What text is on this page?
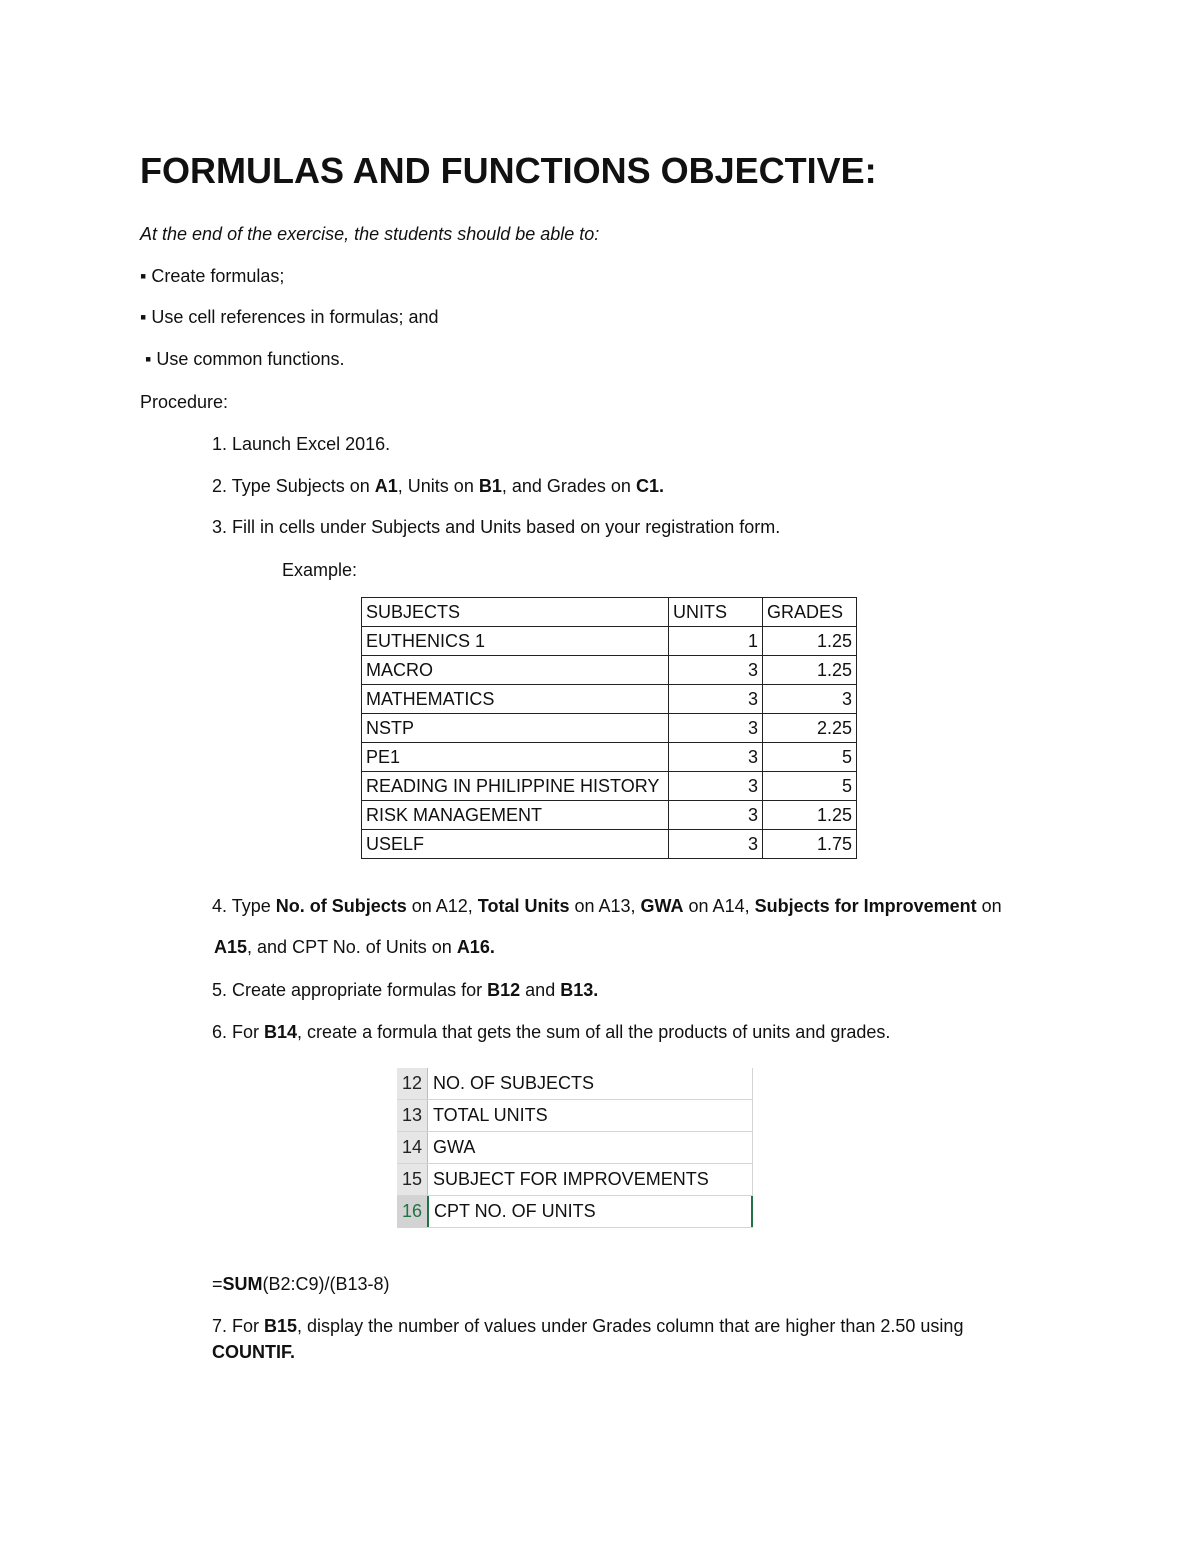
FORMULAS AND FUNCTIONS OBJECTIVE:
At the end of the exercise, the students should be able to:
▪ Create formulas;
▪ Use cell references in formulas; and
▪ Use common functions.
Procedure:
1. Launch Excel 2016.
2. Type Subjects on A1, Units on B1, and Grades on C1.
3. Fill in cells under Subjects and Units based on your registration form.
Example:
SUBJECTS	UNITS	GRADES
EUTHENICS 1	1	1.25
MACRO	3	1.25
MATHEMATICS	3	3
NSTP	3	2.25
PE1	3	5
READING IN PHILIPPINE HISTORY	3	5
RISK MANAGEMENT	3	1.25
USELF	3	1.75
4. Type No. of Subjects on A12, Total Units on A13, GWA on A14, Subjects for Improvement on
A15, and CPT No. of Units on A16.
5. Create appropriate formulas for B12 and B13.
6. For B14, create a formula that gets the sum of all the products of units and grades.
12 NO. OF SUBJECTS
13 TOTAL UNITS
14 GWA
15 SUBJECT FOR IMPROVEMENTS
16 CPT NO. OF UNITS
=SUM(B2:C9)/(B13-8)
7. For B15, display the number of values under Grades column that are higher than 2.50 using
COUNTIF.
